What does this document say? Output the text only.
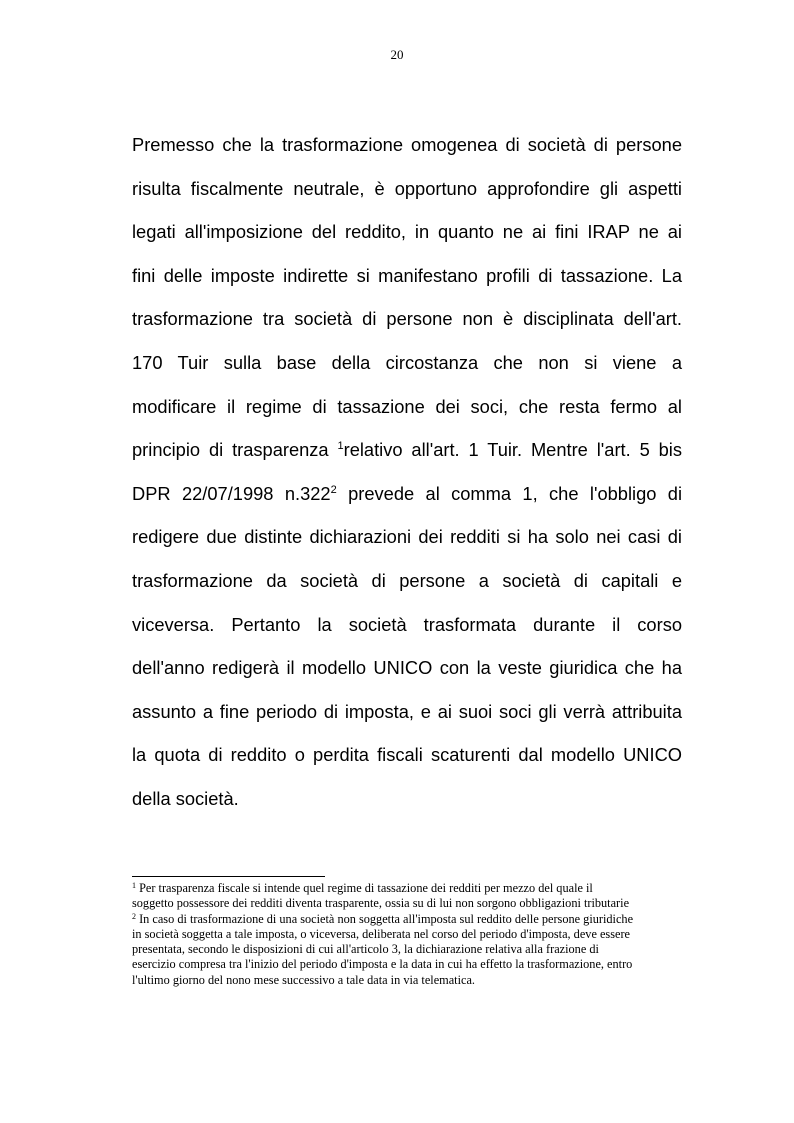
20
Premesso che la trasformazione omogenea di società di persone
risulta fiscalmente neutrale, è opportuno approfondire gli aspetti
legati all'imposizione del reddito, in quanto ne ai fini IRAP ne ai
fini delle imposte indirette si manifestano profili di tassazione. La
trasformazione tra società di persone non è disciplinata dell'art.
170 Tuir sulla base della circostanza che non si viene a
modificare il regime di tassazione dei soci, che resta fermo al
principio di trasparenza $^1$relativo all'art. 1 Tuir. Mentre l'art. 5 bis
DPR 22/07/1998 n.322$^2$ prevede al comma 1, che l'obbligo di
redigere due distinte dichiarazioni dei redditi si ha solo nei casi di
trasformazione da società di persone a società di capitali e
viceversa. Pertanto la società trasformata durante il corso
dell'anno redigerà il modello UNICO con la veste giuridica che ha
assunto a fine periodo di imposta, e ai suoi soci gli verrà attribuita
la quota di reddito o perdita fiscali scaturenti dal modello UNICO
della società.
$^1$ Per trasparenza fiscale si intende quel regime di tassazione dei redditi per mezzo del quale il
soggetto possessore dei redditi diventa trasparente, ossia su di lui non sorgono obbligazioni tributarie
$^2$ In caso di trasformazione di una società non soggetta all'imposta sul reddito delle persone giuridiche
in società soggetta a tale imposta, o viceversa, deliberata nel corso del periodo d'imposta, deve essere
presentata, secondo le disposizioni di cui all'articolo 3, la dichiarazione relativa alla frazione di
esercizio compresa tra l'inizio del periodo d'imposta e la data in cui ha effetto la trasformazione, entro
l'ultimo giorno del nono mese successivo a tale data in via telematica.
